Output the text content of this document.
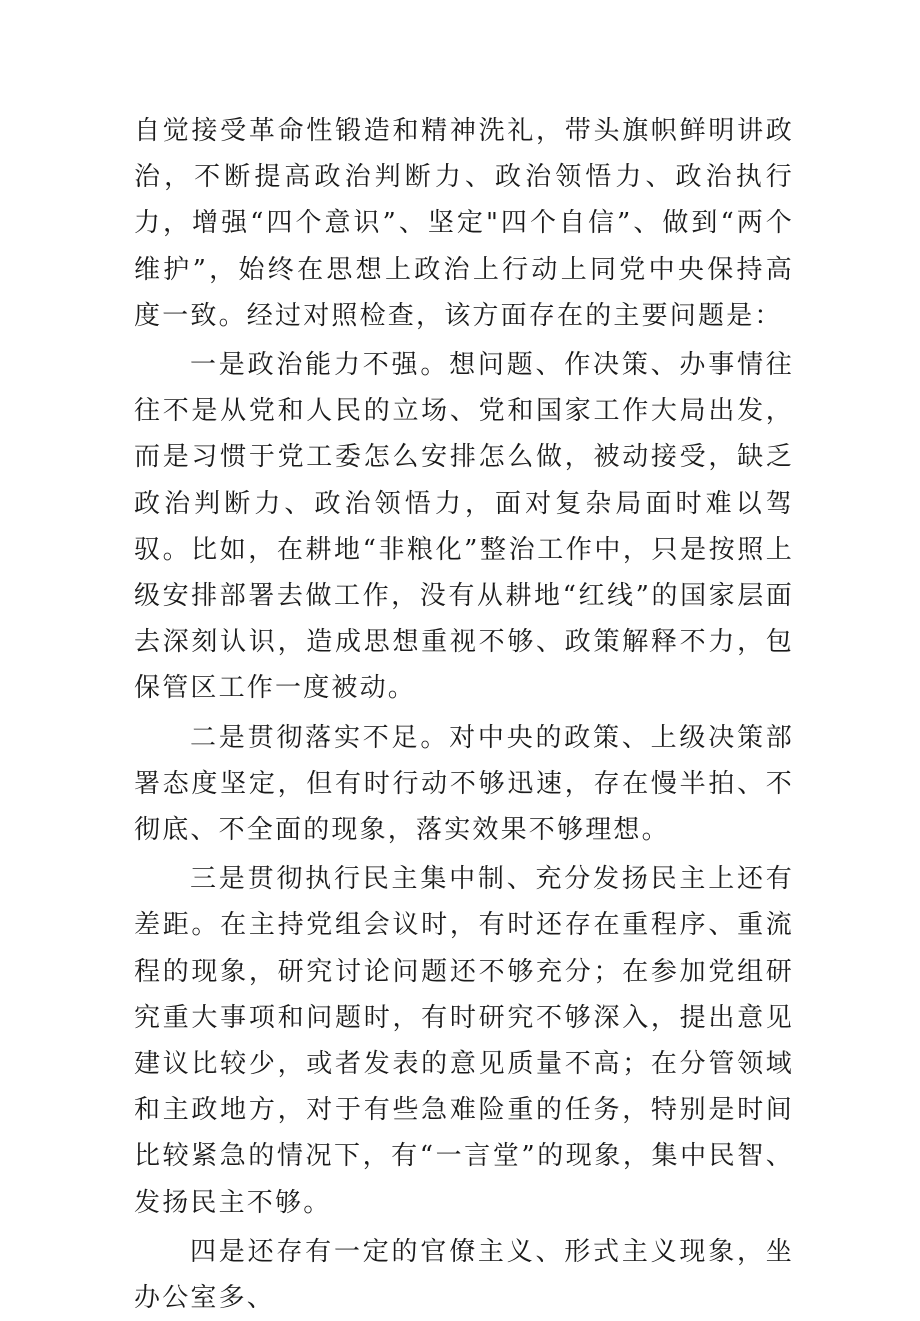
自觉接受革命性锻造和精神洗礼，带头旗帜鲜明讲政治，不断提高政治判断力、政治领悟力、政治执行力，增强“四个意识”、坚定"四个自信”、做到“两个维护”，始终在思想上政治上行动上同党中央保持高度一致。经过对照检查，该方面存在的主要问题是：

一是政治能力不强。想问题、作决策、办事情往往不是从党和人民的立场、党和国家工作大局出发，而是习惯于党工委怎么安排怎么做，被动接受，缺乏政治判断力、政治领悟力，面对复杂局面时难以驾驭。比如，在耕地“非粮化”整治工作中，只是按照上级安排部署去做工作，没有从耕地“红线”的国家层面去深刻认识，造成思想重视不够、政策解释不力，包保管区工作一度被动。

二是贯彻落实不足。对中央的政策、上级决策部署态度坚定，但有时行动不够迅速，存在慢半拍、不彻底、不全面的现象，落实效果不够理想。

三是贯彻执行民主集中制、充分发扬民主上还有差距。在主持党组会议时，有时还存在重程序、重流程的现象，研究讨论问题还不够充分；在参加党组研究重大事项和问题时，有时研究不够深入，提出意见建议比较少，或者发表的意见质量不高；在分管领域和主政地方，对于有些急难险重的任务，特别是时间比较紧急的情况下，有“一言堂”的现象，集中民智、发扬民主不够。

四是还存有一定的官僚主义、形式主义现象，坐办公室多、
